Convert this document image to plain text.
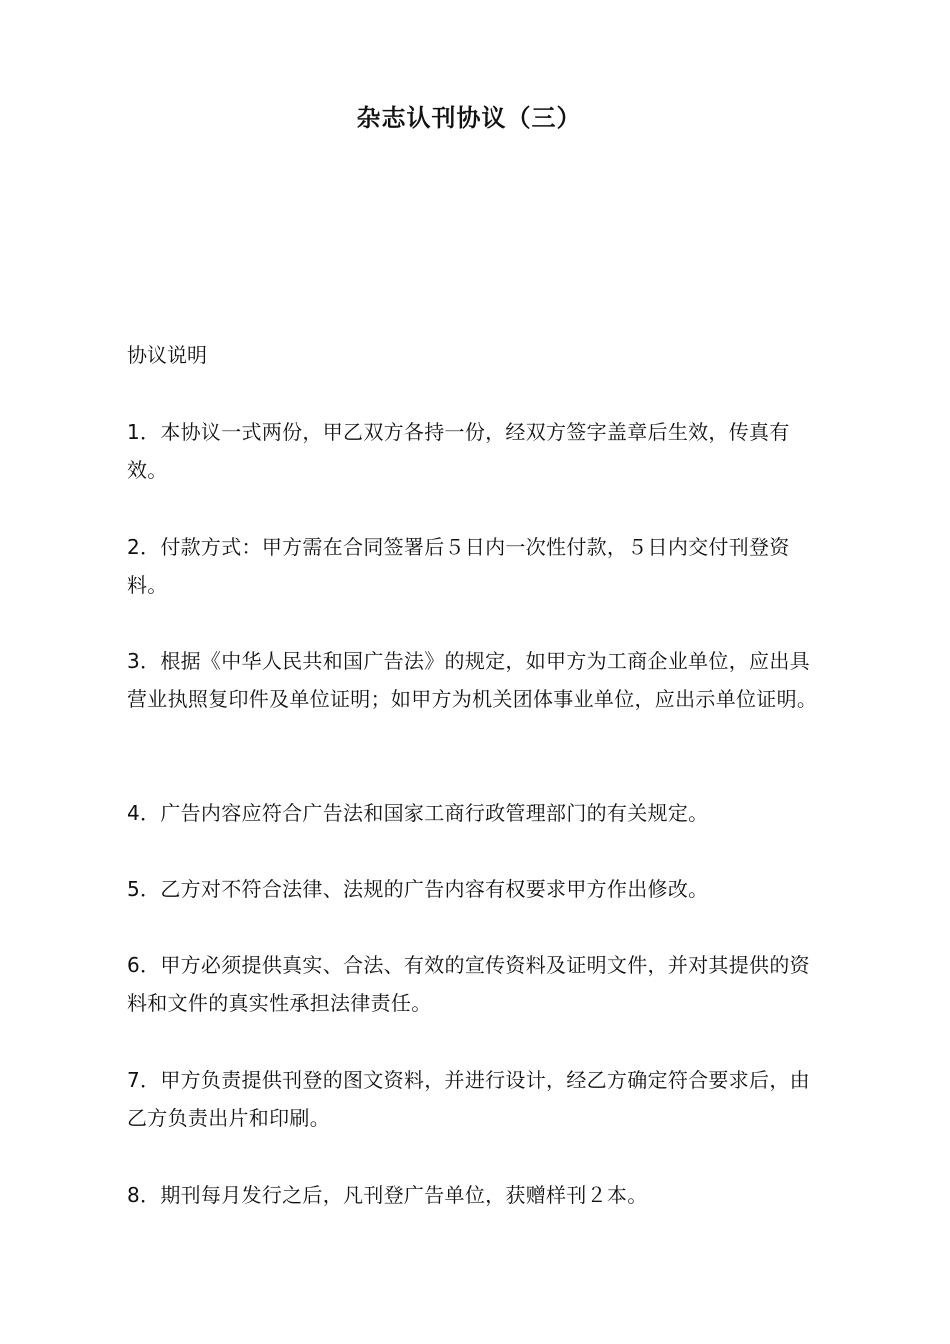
杂志认刊协议（三）
协议说明
1．本协议一式两份，甲乙双方各持一份，经双方签字盖章后生效，传真有效。
2．付款方式：甲方需在合同签署后５日内一次性付款，５日内交付刊登资料。
3．根据《中华人民共和国广告法》的规定，如甲方为工商企业单位，应出具营业执照复印件及单位证明；如甲方为机关团体事业单位，应出示单位证明。
4．广告内容应符合广告法和国家工商行政管理部门的有关规定。
5．乙方对不符合法律、法规的广告内容有权要求甲方作出修改。
6．甲方必须提供真实、合法、有效的宣传资料及证明文件，并对其提供的资料和文件的真实性承担法律责任。
7．甲方负责提供刊登的图文资料，并进行设计，经乙方确定符合要求后，由乙方负责出片和印刷。
8．期刊每月发行之后，凡刊登广告单位，获赠样刊２本。
